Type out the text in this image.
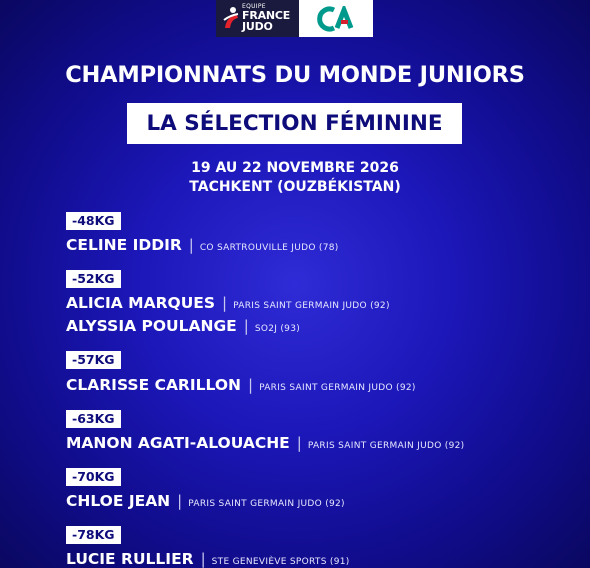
EQUIPE
FRANCE
JUDO
CHAMPIONNATS DU MONDE JUNIORS
LA SÉLECTION FÉMININE
19 AU 22 NOVEMBRE 2026
TACHKENT (OUZBÉKISTAN)
-48KG
CELINE IDDIR | CO SARTROUVILLE JUDO (78)
-52KG
ALICIA MARQUES | PARIS SAINT GERMAIN JUDO (92)
ALYSSIA POULANGE | SO2J (93)
-57KG
CLARISSE CARILLON | PARIS SAINT GERMAIN JUDO (92)
-63KG
MANON AGATI-ALOUACHE | PARIS SAINT GERMAIN JUDO (92)
-70KG
CHLOE JEAN | PARIS SAINT GERMAIN JUDO (92)
-78KG
LUCIE RULLIER | STE GENEVIÈVE SPORTS (91)
